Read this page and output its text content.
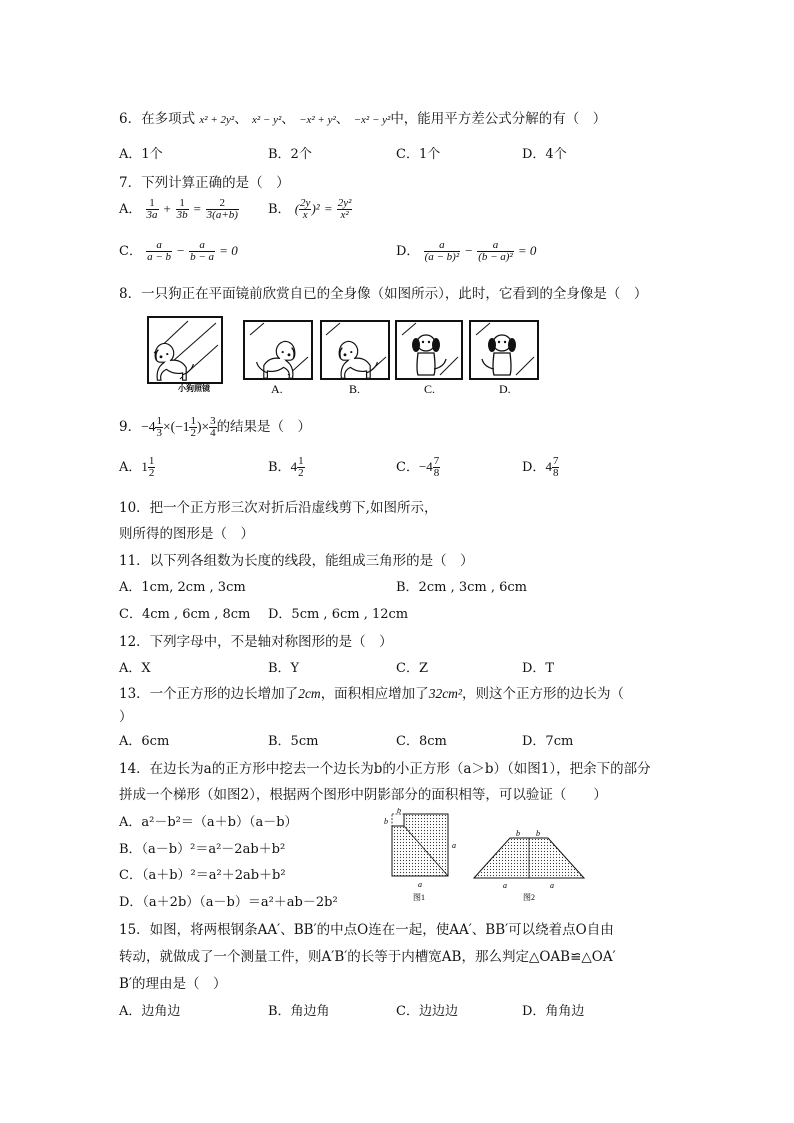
6．在多项式 x² + 2y²、 x² − y²、 −x² + y²、 −x² − y²中，能用平方差公式分解的有（　）
A．1个	B．2个	C．1个	D．4个
7．下列计算正确的是（　）
A． $\frac{1}{3a} + \frac{1}{3b} = \frac{2}{3(a+b)}$ B． ( $\frac{2y}{x} )^2 = \frac{\text{2y²}}{\text{x²}}$
C． $\frac{a}{a - b} - \frac{a}{b - a} = 0$	D． $\frac{a}{\text{(a − b)²}} - \frac{a}{\text{(b − a)²}} = 0$
8．一只狗正在平面镜前欣赏自已的全身像（如图所示），此时，它看到的全身像是（　）
小狗照镜	A.	B.	C.	D.
9．$-4 \frac{1}{3} \times(-1 \frac{1}{2}$ )× $\frac{3}{4}$ 的结果是（　）
A．$1 \frac{1}{2}$	B．$4 \frac{1}{2}$	C．$-4 \frac{7}{8}$	D．$4 \frac{7}{8}$
10．把一个正方形三次对折后沿虚线剪下,如图所示，
则所得的图形是（　）
11．以下列各组数为长度的线段，能组成三角形的是（　）
A．1cm, 2cm , 3cm	B．2cm , 3cm , 6cm
C．4cm , 6cm , 8cm D．5cm , 6cm , 12cm
12．下列字母中，不是轴对称图形的是（　）
A．X	B．Y	C．Z	D．T
13．一个正方形的边长增加了2cm，面积相应增加了32cm²，则这个正方形的边长为（
）
A．6cm	B．5cm	C．8cm	D．7cm
14．在边长为a的正方形中挖去一个边长为b的小正方形（a＞b）（如图1），把余下的部分
拼成一个梯形（如图2），根据两个图形中阴影部分的面积相等，可以验证（　　）
A．a²－b²＝（a＋b）（a－b）
B．（a－b）²＝a²－2ab＋b²
C．（a＋b）²＝a²＋2ab＋b²
D．（a＋2b）（a－b）＝a²＋ab－2b²
b
b
a
a
图1
b b
a	a
图2
15．如图，将两根钢条AA′、BB′的中点O连在一起，使AA′、BB′可以绕着点O自由
转动，就做成了一个测量工件，则A′B′的长等于内槽宽AB，那么判定△OAB≌△OA′
B′的理由是（　）
A．边角边	B．角边角	C．边边边	D．角角边
